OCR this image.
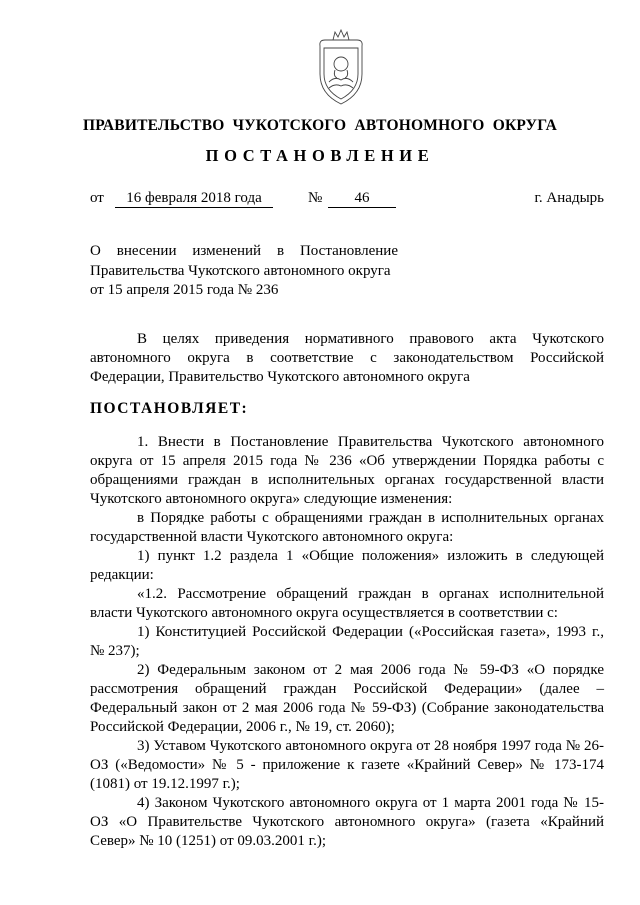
ПРАВИТЕЛЬСТВО  ЧУКОТСКОГО  АВТОНОМНОГО  ОКРУГА
ПОСТАНОВЛЕНИЕ
от	16 февраля 2018 года	№	46	г. Анадырь
О внесении изменений в Постановление
Правительства Чукотского автономного округа
от 15 апреля 2015 года № 236

В целях приведения нормативного правового акта Чукотского автономного округа в соответствие с законодательством Российской Федерации, Правительство Чукотского автономного округа

ПОСТАНОВЛЯЕТ:

1. Внести в Постановление Правительства Чукотского автономного округа от 15 апреля 2015 года № 236 «Об утверждении Порядка работы с обращениями граждан в исполнительных органах государственной власти Чукотского автономного округа» следующие изменения:

в Порядке работы с обращениями граждан в исполнительных органах государственной власти Чукотского автономного округа:

1) пункт 1.2 раздела 1 «Общие положения» изложить в следующей редакции:

«1.2. Рассмотрение обращений граждан в органах исполнительной власти Чукотского автономного округа осуществляется в соответствии с:

1) Конституцией Российской Федерации («Российская газета», 1993 г., № 237);

2) Федеральным законом от 2 мая 2006 года № 59-ФЗ «О порядке рассмотрения обращений граждан Российской Федерации» (далее – Федеральный закон от 2 мая 2006 года № 59-ФЗ) (Собрание законодательства Российской Федерации, 2006 г., № 19, ст. 2060);

3) Уставом Чукотского автономного округа от 28 ноября 1997 года № 26-ОЗ («Ведомости» № 5 - приложение к газете «Крайний Север» № 173-174 (1081) от 19.12.1997 г.);

4) Законом Чукотского автономного округа от 1 марта 2001 года № 15-ОЗ «О Правительстве Чукотского автономного округа» (газета «Крайний Север» № 10 (1251) от 09.03.2001 г.);
